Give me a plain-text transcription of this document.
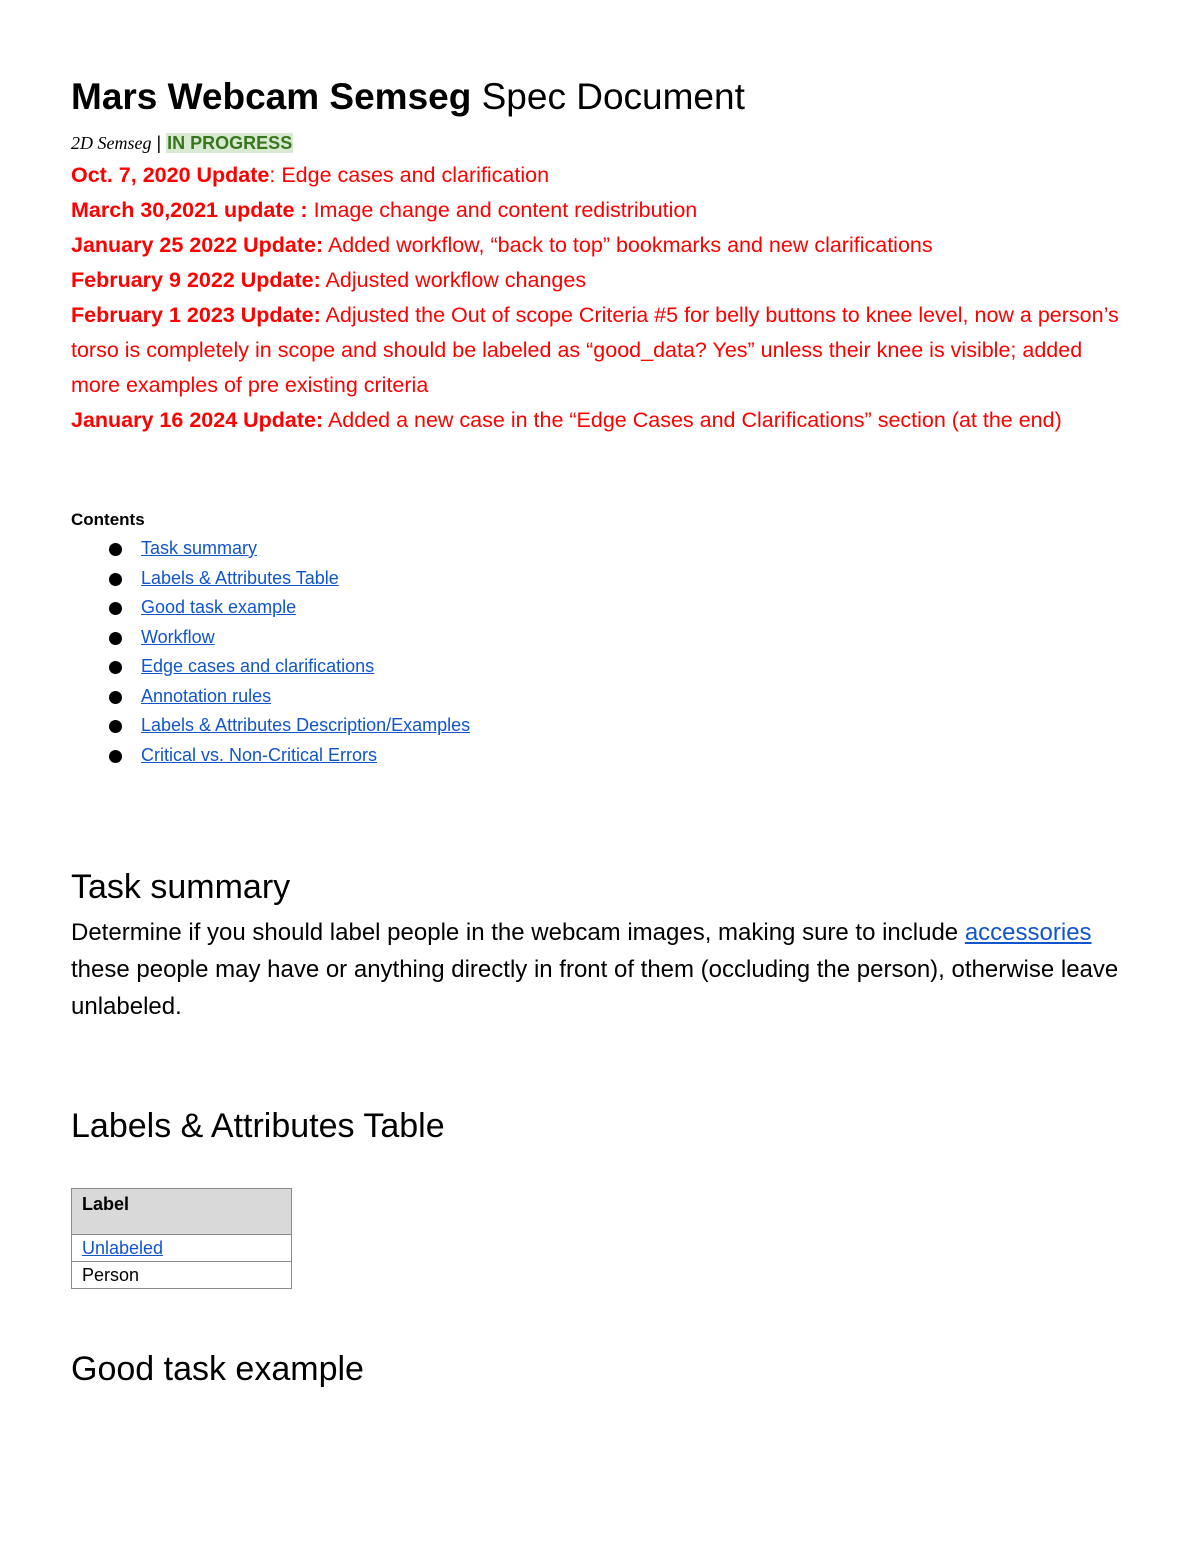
Mars Webcam Semseg Spec Document
2D Semseg | IN PROGRESS

Oct. 7, 2020 Update: Edge cases and clarification

March 30,2021 update : Image change and content redistribution

January 25 2022 Update: Added workflow, “back to top” bookmarks and new clarifications

February 9 2022 Update: Adjusted workflow changes

February 1 2023 Update: Adjusted the Out of scope Criteria #5 for belly buttons to knee level, now a person’s torso is completely in scope and should be labeled as “good_data? Yes” unless their knee is visible; added more examples of pre existing criteria

January 16 2024 Update: Added a new case in the “Edge Cases and Clarifications” section (at the end)

Contents
Task summary
Labels & Attributes Table
Good task example
Workflow
Edge cases and clarifications
Annotation rules
Labels & Attributes Description/Examples
Critical vs. Non-Critical Errors
Task summary
Determine if you should label people in the webcam images, making sure to include accessories these people may have or anything directly in front of them (occluding the person), otherwise leave unlabeled.
Labels & Attributes Table
Label
Unlabeled
Person
Good task example
